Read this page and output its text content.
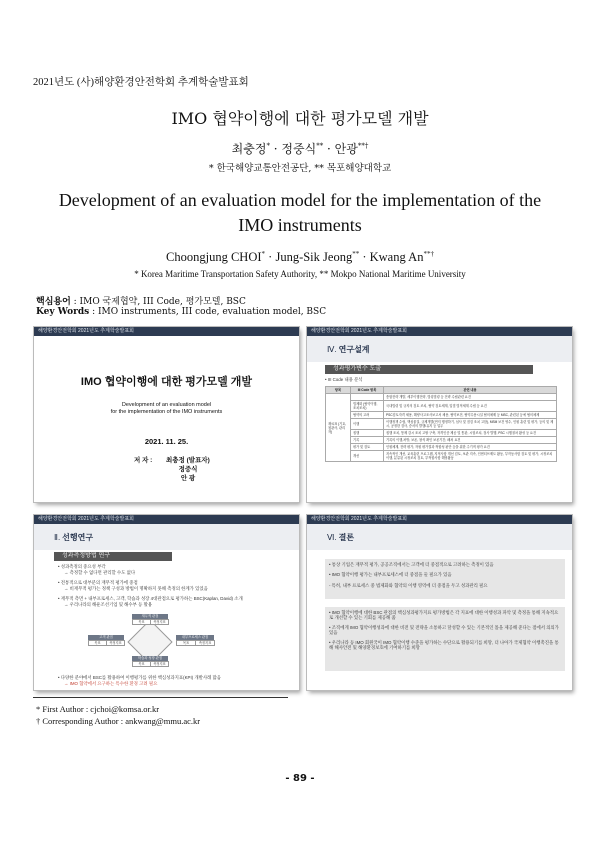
2021년도 (사)해양환경안전학회 추계학술발표회
IMO 협약이행에 대한 평가모델 개발
최충정* · 정중식** · 안광**†
* 한국해양교통안전공단, ** 목포해양대학교
Development of an evaluation model for the implementation of the IMO instruments
Choongjung CHOI* · Jung-Sik Jeong** · Kwang An**†
* Korea Maritime Transportation Safety Authority, ** Mokpo National Maritime University
핵심용어 : IMO 국제협약, III Code, 평가모델, BSC
Key Words : IMO instruments, III code, evaluation model, BSC
해양환경안전학회 2021년도 추계학술발표회
IMO 협약이행에 대한 평가모델 개발
Development of an evaluation model
for the implementation of the IMO instruments
2021. 11. 25.
저 자 : 최충정 (발표자)
정중식
안 광
해양환경안전학회 2021년도 추계학술발표회
Ⅳ. 연구설계
성과평가변수 도출
• III Code 내용 분석
항목	III Code 항목	관련 내용
재료표 (기호, 청관사, 관리자)		종합전략 개발, 세부이행전략, 법령법령 등 전략 수립관련 요건
	법제화 (협약이행, 조치조치)	국내법령 및 규칙의 검토 조치, 협약 검토체계, 입법 법적체계 수립 등 요건
	협약의 고려	PSC검토자격 채용, 해양사고조사보고서 채용, 협약보전, 협약수용시설 협의체제 등 MSC, 관련된 등에 협의체제
	이행	이행정책 수립, 핵심물질, 규제개발(먼저 행정하기, 심사 및 점검 조치 고함), MSM 보건 영수, 인원 훈련 및 평가, 등의 및 제시, 공정한 검사, 증서의 발행/유지 등 업무
	집행	집행 조치, 통제 감시 조치 고할 구축, 자격인증 제공 및 통관, 시험조치, 점사 발행, PSC 시행절차 활성 등 요건
	기록	기록의 이행,처방, 보존, 참석 확인 보존기간, 폐처 요건
	평가 및 검토	인원체계, 전략 평가, 자원 평가결과 적합성 판단 등을 위한 주기적 평가 요건
	개선	지속적인 개선, 교육훈련 프로그램, 지적사항 개선 검토, 보관 지속, 인센티브제도 활동, 부작동사항 검토 및 평가, 시정조치 이행, 분류된 시정조치 검토, 부적합사항 해당활동
해양환경안전학회 2021년도 추계학술발표회
Ⅱ. 선행연구
성과측정방법 연구
• 성과측정의 중요성 부각
→ 측정할 수 없다면 관리할 수도 없다
• 전통적으로 대부분의 재무적 평가에 중점
→ 비재무적 평가는 정책 구성과 방법이 명확하지 못해 측정의 한계가 있었음
• 재무적 측면 + 내부프로세스, 고객, 학습과 성장 4대관점으로 평가하는 BSC(Kaplan, David) 소개
→ 우리나라의 해운조선기업 및 해수부 등 활용
재무적 관점
목표	측정지표
고객 관점
목표	측정지표
내부프로세스 관점
목표	측정지표
학습과 성장 관점
목표	측정지표
• 다양한 분야에서 BSC를 활용하여 이행평가를 위한 핵심성과지표(KPI) 개발사례 많음
→ IMO 협약에서 요구하는 특수한 환경 고려 필요
해양환경안전학회 2021년도 추계학술발표회
Ⅵ. 결론
• 통상 기업은 재무적 평가, 공공조직에서는 고객에 더 중점적으로 고려하는 측정이 있음
• IMO 협약이행 평가는 내부프로세스에 더 중점을 둘 필요가 있음
- 특히, 내부 프로세스 중 법제화와 협약의 이행 영역에 더 중점을 두고 성과관리 필요
• IMO 협약이행에 대한 BSC 관점의 핵심성과평가지표 평가방법은 각 지표에 대한 이행성과 파악 및 측정을 통해 지속적으로 개선할 수 있는 기회를 제공해 줌
• 조직에게 IMO 협약이행성과에 대한 비전 및 전략을 소통하고 달성할 수 있는 기본적인 틀을 제공해 준다는 점에서 의의가 있음
• 우리나라 등 IMO 회원국이 IMO 협약이행 수준을 평가하는 수단으로 활용되기를 희망, 더 나아가 국제협약 이행촉진을 통해 해사안전 및 해양환경보호에 기여하기를 희망
* First Author : cjchoi@komsa.or.kr
† Corresponding Author : ankwang@mmu.ac.kr
- 89 -
